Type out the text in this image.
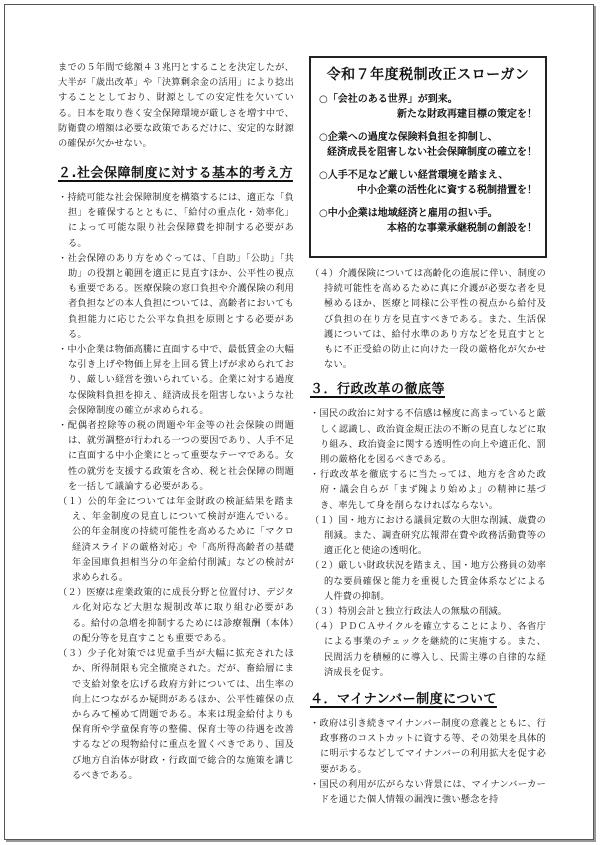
までの５年間で総額４３兆円とすることを決定したが、大半が「歳出改革」や「決算剰余金の活用」により捻出することとしており、財源としての安定性を欠いている。日本を取り巻く安全保障環境が厳しさを増す中で、防衛費の増額は必要な政策であるだけに、安定的な財源の確保が欠かせない。

２.社会保障制度に対する基本的考え方

・持続可能な社会保障制度を構築するには、適正な「負担」を確保するとともに、「給付の重点化・効率化」によって可能な限り社会保障費を抑制する必要がある。

・社会保障のあり方をめぐっては、「自助」「公助」「共助」の役割と範囲を適正に見直すほか、公平性の視点も重要である。医療保険の窓口負担や介護保険の利用者負担などの本人負担については、高齢者においても負担能力に応じた公平な負担を原則とする必要がある。

・中小企業は物価高騰に直面する中で、最低賃金の大幅な引き上げや物価上昇を上回る賃上げが求められており、厳しい経営を強いられている。企業に対する過度な保険料負担を抑え、経済成長を阻害しないような社会保障制度の確立が求められる。

・配偶者控除等の税の問題や年金等の社会保険の問題は、就労調整が行われる一つの要因であり、人手不足に直面する中小企業にとって重要なテーマである。女性の就労を支援する政策を含め、税と社会保障の問題を一括して議論する必要がある。

（１）公的年金については年金財政の検証結果を踏まえ、年金制度の見直しについて検討が進んでいる。公的年金制度の持続可能性を高めるために「マクロ経済スライドの厳格対応」や「高所得高齢者の基礎年金国庫負担相当分の年金給付削減」などの検討が求められる。

（２）医療は産業政策的に成長分野と位置付け、デジタル化対応など大胆な規制改革に取り組む必要がある。給付の急増を抑制するためには診療報酬（本体）の配分等を見直すことも重要である。

（３）少子化対策では児童手当が大幅に拡充されたほか、所得制限も完全撤廃された。だが、畜給層にまで支給対象を広げる政府方針については、出生率の向上につながるか疑問があるほか、公平性確保の点からみて極めて問題である。本来は現金給付よりも保育所や学童保育等の整備、保育士等の待遇を改善するなどの現物給付に重点を置くべきであり、国及び地方自治体が財政・行政面で総合的な施策を講じるべきである。

令和７年度税制改正スローガン

○「会社のある世界」が到来。
新たな財政再建目標の策定を！

○企業への過度な保険料負担を抑制し、
経済成長を阻害しない社会保障制度の確立を！

○人手不足など厳しい経営環境を踏まえ、
中小企業の活性化に資する税制措置を！

○中小企業は地域経済と雇用の担い手。
本格的な事業承継税制の創設を！

（４）介護保険については高齢化の進展に伴い、制度の持続可能性を高めるために真に介護が必要な者を見極めるほか、医療と同様に公平性の視点から給付及び負担の在り方を見直すべきである。また、生活保護については、給付水準のあり方などを見直すとともに不正受給の防止に向けた一段の厳格化が欠かせない。

３．行政改革の徹底等

・国民の政治に対する不信感は極度に高まっていると厳しく認識し、政治資金規正法の不断の見直しなどに取り組み、政治資金に関する透明性の向上や適正化、罰則の厳格化を図るべきである。

・行政改革を徹底するに当たっては、地方を含めた政府・議会自らが「まず隗より始めよ」の精神に基づき、率先して身を削らなければならない。

（１）国・地方における議員定数の大胆な削減、歳費の削減。また、調査研究広報滞在費や政務活動費等の適正化と使途の透明化。

（２）厳しい財政状況を踏まえ、国・地方公務員の効率的な要員確保と能力を重視した賃金体系などによる人件費の抑制。

（３）特別会計と独立行政法人の無駄の削減。

（４）ＰＤＣＡサイクルを確立することにより、各省庁による事業のチェックを継続的に実施する。また、民間活力を積極的に導入し、民需主導の自律的な経済成長を促す。

４．マイナンバー制度について

・政府は引き続きマイナンバー制度の意義とともに、行政事務のコストカットに資する等、その効果を具体的に明示するなどしてマイナンバーの利用拡大を促す必要がある。

・国民の利用が広がらない背景には、マイナンバーカードを通じた個人情報の漏洩に強い懸念を持
